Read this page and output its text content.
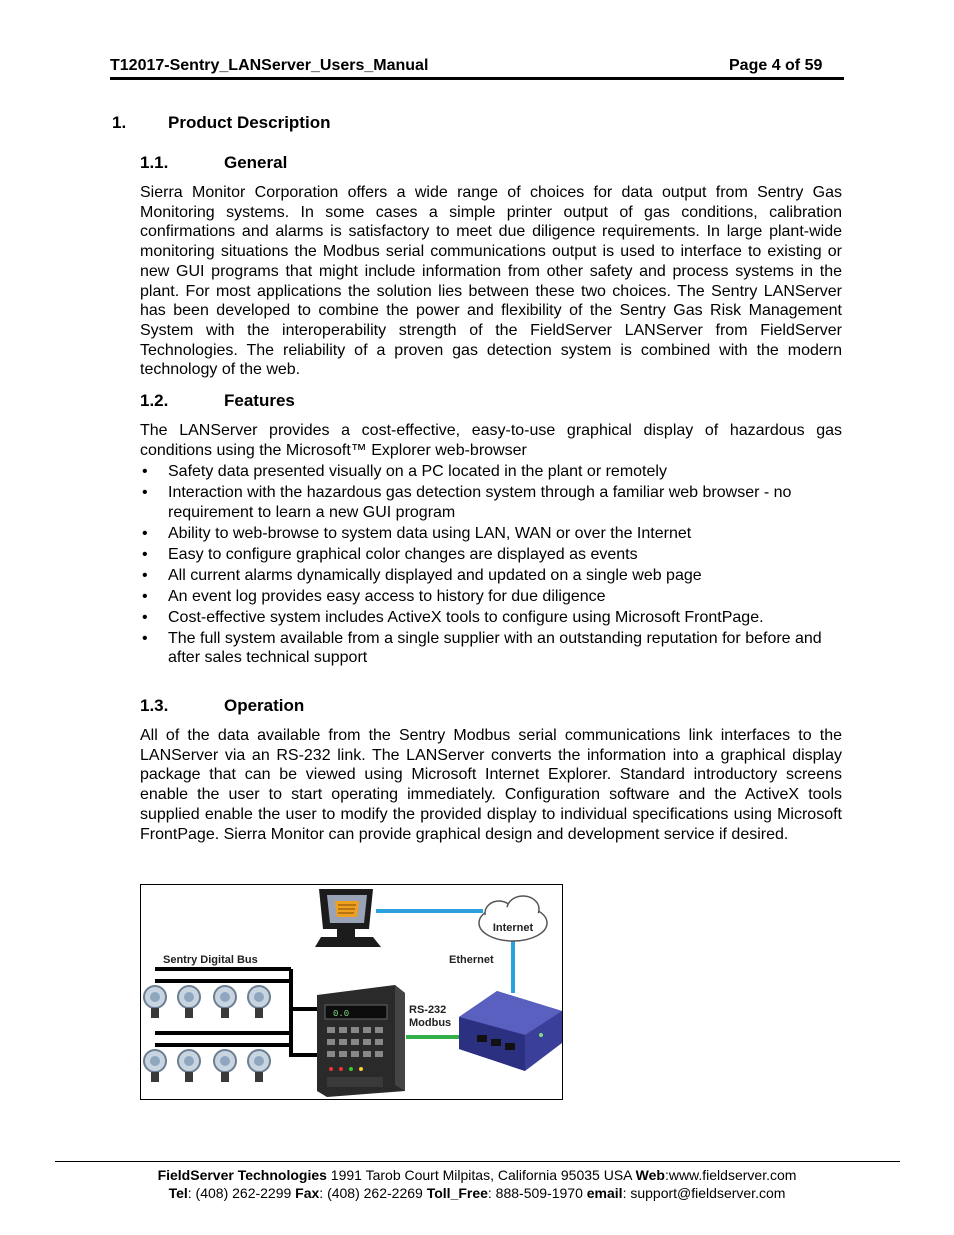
T12017-Sentry_LANServer_Users_Manual	Page 4 of 59
1. Product Description
1.1.	General
Sierra Monitor Corporation offers a wide range of choices for data output from Sentry Gas Monitoring systems. In some cases a simple printer output of gas conditions, calibration confirmations and alarms is satisfactory to meet due diligence requirements. In large plant-wide monitoring situations the Modbus serial communications output is used to interface to existing or new GUI programs that might include information from other safety and process systems in the plant. For most applications the solution lies between these two choices. The Sentry LANServer has been developed to combine the power and flexibility of the Sentry Gas Risk Management System with the interoperability strength of the FieldServer LANServer from FieldServer Technologies. The reliability of a proven gas detection system is combined with the modern technology of the web.
1.2.	Features
The LANServer provides a cost-effective, easy-to-use graphical display of hazardous gas conditions using the Microsoft™ Explorer web-browser
• Safety data presented visually on a PC located in the plant or remotely
• Interaction with the hazardous gas detection system through a familiar web browser - no requirement to learn a new GUI program
• Ability to web-browse to system data using LAN, WAN or over the Internet
• Easy to configure graphical color changes are displayed as events
• All current alarms dynamically displayed and updated on a single web page
• An event log provides easy access to history for due diligence
• Cost-effective system includes ActiveX tools to configure using Microsoft FrontPage.
• The full system available from a single supplier with an outstanding reputation for before and after sales technical support
1.3.	Operation
All of the data available from the Sentry Modbus serial communications link interfaces to the LANServer via an RS-232 link. The LANServer converts the information into a graphical display package that can be viewed using Microsoft Internet Explorer. Standard introductory screens enable the user to start operating immediately. Configuration software and the ActiveX tools supplied enable the user to modify the provided display to individual specifications using Microsoft FrontPage. Sierra Monitor can provide graphical design and development service if desired.
Internet
Ethernet
Sentry Digital Bus
0.0	RS-232
Modbus
FieldServer Technologies 1991 Tarob Court Milpitas, California 95035 USA Web:www.fieldserver.com
Tel: (408) 262-2299 Fax: (408) 262-2269 Toll_Free: 888-509-1970 email: support@fieldserver.com
